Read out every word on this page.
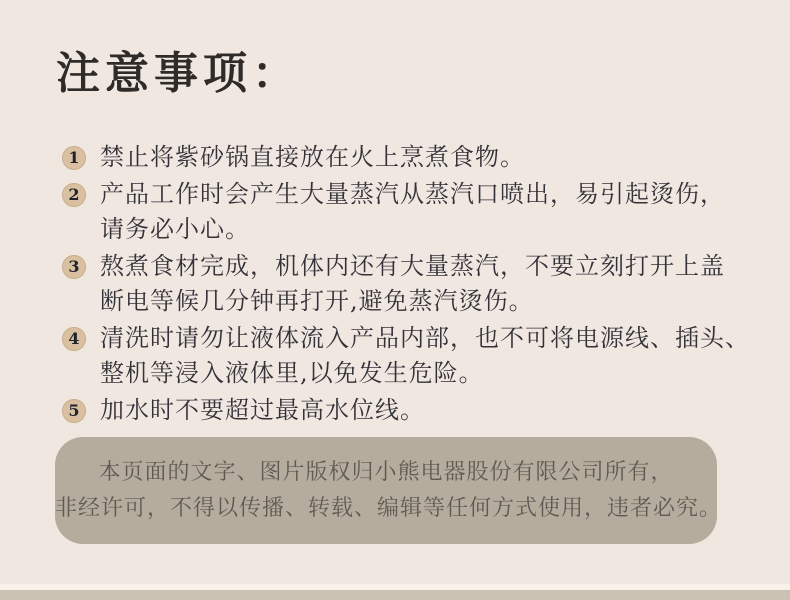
注意事项：
1 禁止将紫砂锅直接放在火上烹煮食物。
2 产品工作时会产生大量蒸汽从蒸汽口喷出，易引起烫伤，
请务必小心。
3 熬煮食材完成，机体内还有大量蒸汽，不要立刻打开上盖
断电等候几分钟再打开,避免蒸汽烫伤。
4 清洗时请勿让液体流入产品内部，也不可将电源线、插头、
整机等浸入液体里,以免发生危险。
5 加水时不要超过最高水位线。
本页面的文字、图片版权归小熊电器股份有限公司所有，
非经许可，不得以传播、转载、编辑等任何方式使用，违者必究。
